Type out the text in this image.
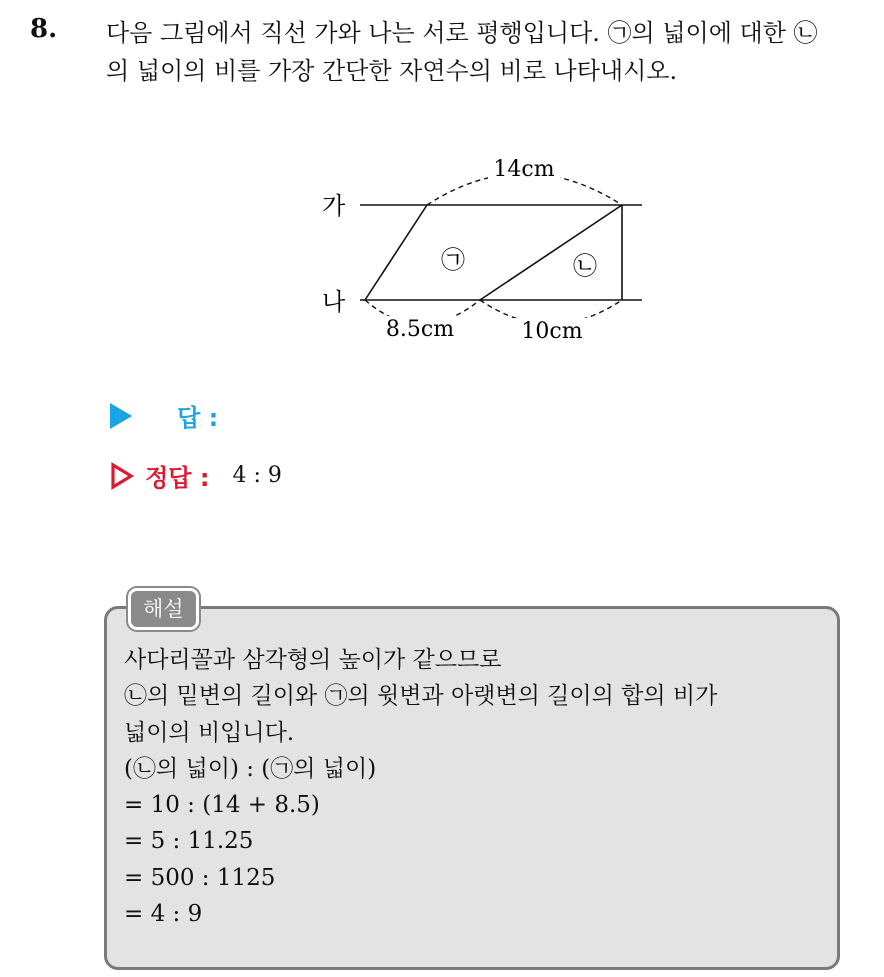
8. 다음 그림에서 직선 가와 나는 서로 평행입니다. ㉠의 넓이에 대한 ㉡
의 넓이의 비를 가장 간단한 자연수의 비로 나타내시오.
14cm
8.5cm	10cm
가
나
㉠	㉡
답 :
정답 : 4 : 9
해설
사다리꼴과 삼각형의 높이가 같으므로
㉡의 밑변의 길이와 ㉠의 윗변과 아랫변의 길이의 합의 비가
넓이의 비입니다.
(㉡의 넓이) : (㉠의 넓이)
= 10 : (14 + 8.5)
= 5 : 11.25
= 500 : 1125
= 4 : 9
